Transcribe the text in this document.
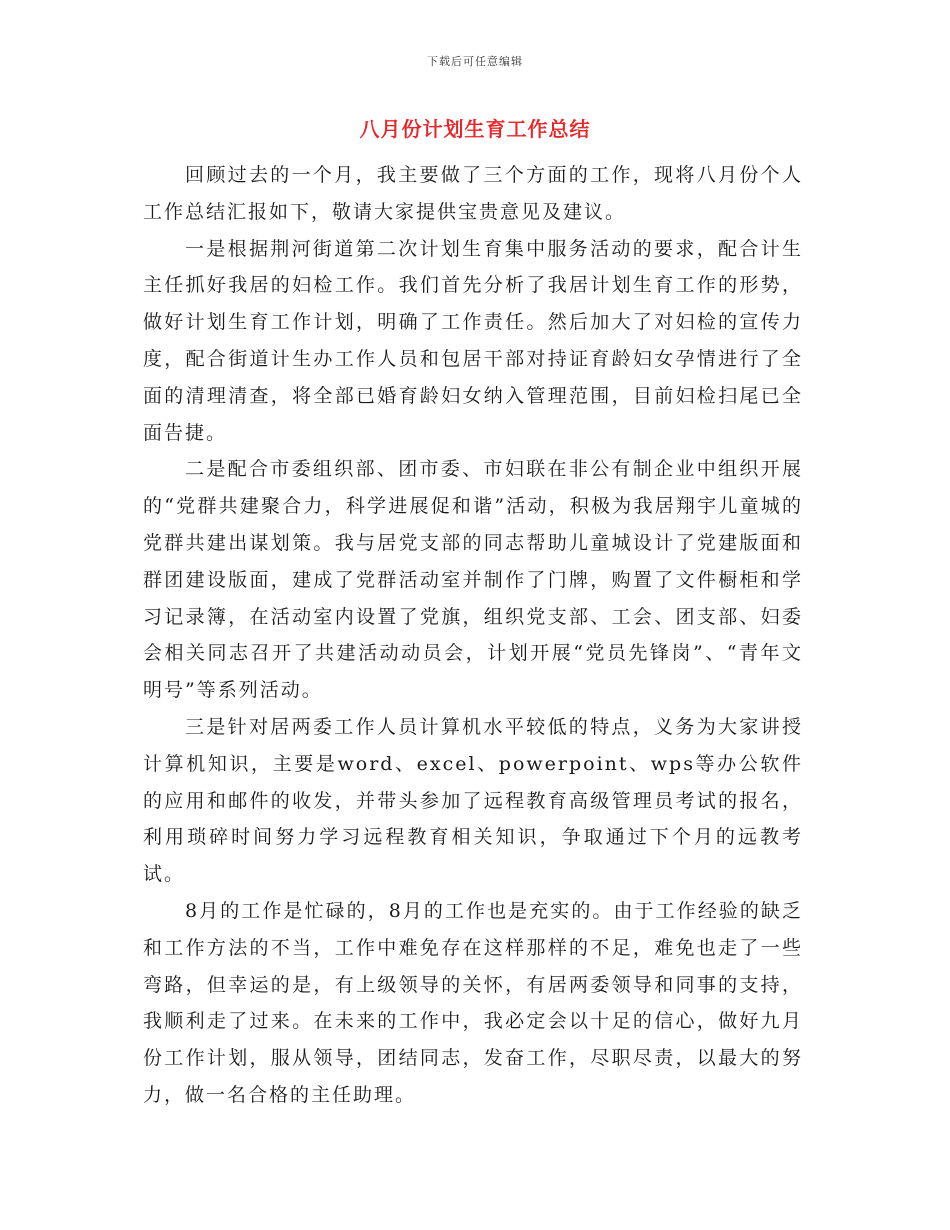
下载后可任意编辑
八月份计划生育工作总结

回顾过去的一个月，我主要做了三个方面的工作，现将八月份个人工作总结汇报如下，敬请大家提供宝贵意见及建议。

一是根据荆河街道第二次计划生育集中服务活动的要求，配合计生主任抓好我居的妇检工作。我们首先分析了我居计划生育工作的形势，做好计划生育工作计划，明确了工作责任。然后加大了对妇检的宣传力度，配合街道计生办工作人员和包居干部对持证育龄妇女孕情进行了全面的清理清查，将全部已婚育龄妇女纳入管理范围，目前妇检扫尾已全面告捷。

二是配合市委组织部、团市委、市妇联在非公有制企业中组织开展的“党群共建聚合力，科学进展促和谐”活动，积极为我居翔宇儿童城的党群共建出谋划策。我与居党支部的同志帮助儿童城设计了党建版面和群团建设版面，建成了党群活动室并制作了门牌，购置了文件橱柜和学习记录簿，在活动室内设置了党旗，组织党支部、工会、团支部、妇委会相关同志召开了共建活动动员会，计划开展“党员先锋岗”、“青年文明号”等系列活动。

三是针对居两委工作人员计算机水平较低的特点，义务为大家讲授计算机知识，主要是word、excel、powerpoint、wps等办公软件的应用和邮件的收发，并带头参加了远程教育高级管理员考试的报名，利用琐碎时间努力学习远程教育相关知识，争取通过下个月的远教考试。

8月的工作是忙碌的，8月的工作也是充实的。由于工作经验的缺乏和工作方法的不当，工作中难免存在这样那样的不足，难免也走了一些弯路，但幸运的是，有上级领导的关怀，有居两委领导和同事的支持，我顺利走了过来。在未来的工作中，我必定会以十足的信心，做好九月份工作计划，服从领导，团结同志，发奋工作，尽职尽责，以最大的努力，做一名合格的主任助理。
